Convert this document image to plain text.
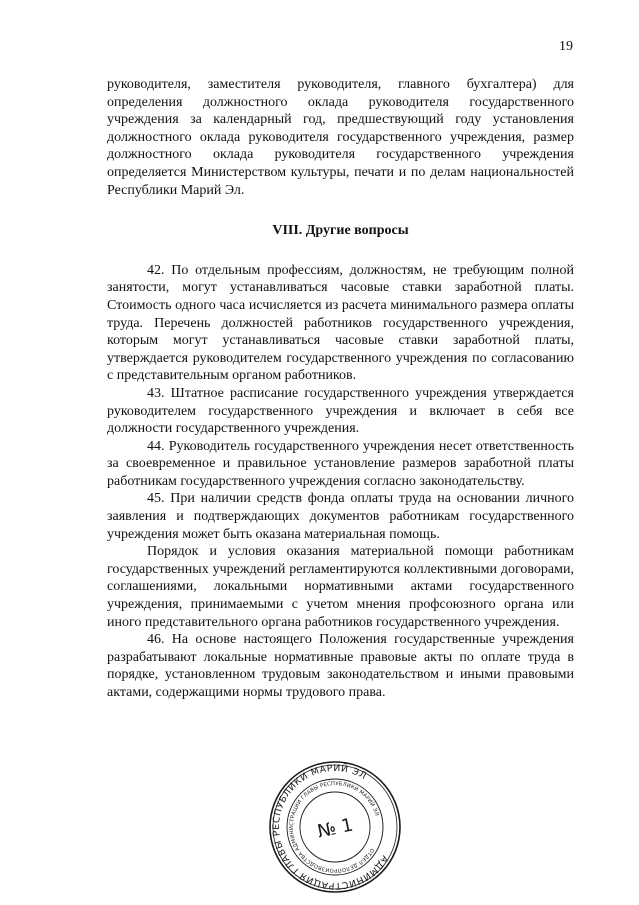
19

руководителя, заместителя руководителя, главного бухгалтера) для определения должностного оклада руководителя государственного учреждения за календарный год, предшествующий году установления должностного оклада руководителя государственного учреждения, размер должностного оклада руководителя государственного учреждения определяется Министерством культуры, печати и по делам национальностей Республики Марий Эл.

VIII. Другие вопросы

42. По отдельным профессиям, должностям, не требующим полной занятости, могут устанавливаться часовые ставки заработной платы. Стоимость одного часа исчисляется из расчета минимального размера оплаты труда. Перечень должностей работников государственного учреждения, которым могут устанавливаться часовые ставки заработной платы, утверждается руководителем государственного учреждения по согласованию с представительным органом работников.

43. Штатное расписание государственного учреждения утверждается руководителем государственного учреждения и включает в себя все должности государственного учреждения.

44. Руководитель государственного учреждения несет ответственность за своевременное и правильное установление размеров заработной платы работникам государственного учреждения согласно законодательству.

45. При наличии средств фонда оплаты труда на основании личного заявления и подтверждающих документов работникам государственного учреждения может быть оказана материальная помощь.

Порядок и условия оказания материальной помощи работникам государственных учреждений регламентируются коллективными договорами, соглашениями, локальными нормативными актами государственного учреждения, принимаемыми с учетом мнения профсоюзного органа или иного представительного органа работников государственного учреждения.

46. На основе настоящего Положения государственные учреждения разрабатывают локальные нормативные правовые акты по оплате труда в порядке, установленном трудовым законодательством и иными правовыми актами, содержащими нормы трудового права.

АДМИНИСТРАЦИЯ ГЛАВЫ РЕСПУБЛИКИ МАРИЙ ЭЛ
ОТДЕЛ ДЕЛОПРОИЗВОДСТВА АДМИНИСТРАЦИИ ГЛАВЫ РЕСПУБЛИКИ МАРИЙ ЭЛ
№ 1
